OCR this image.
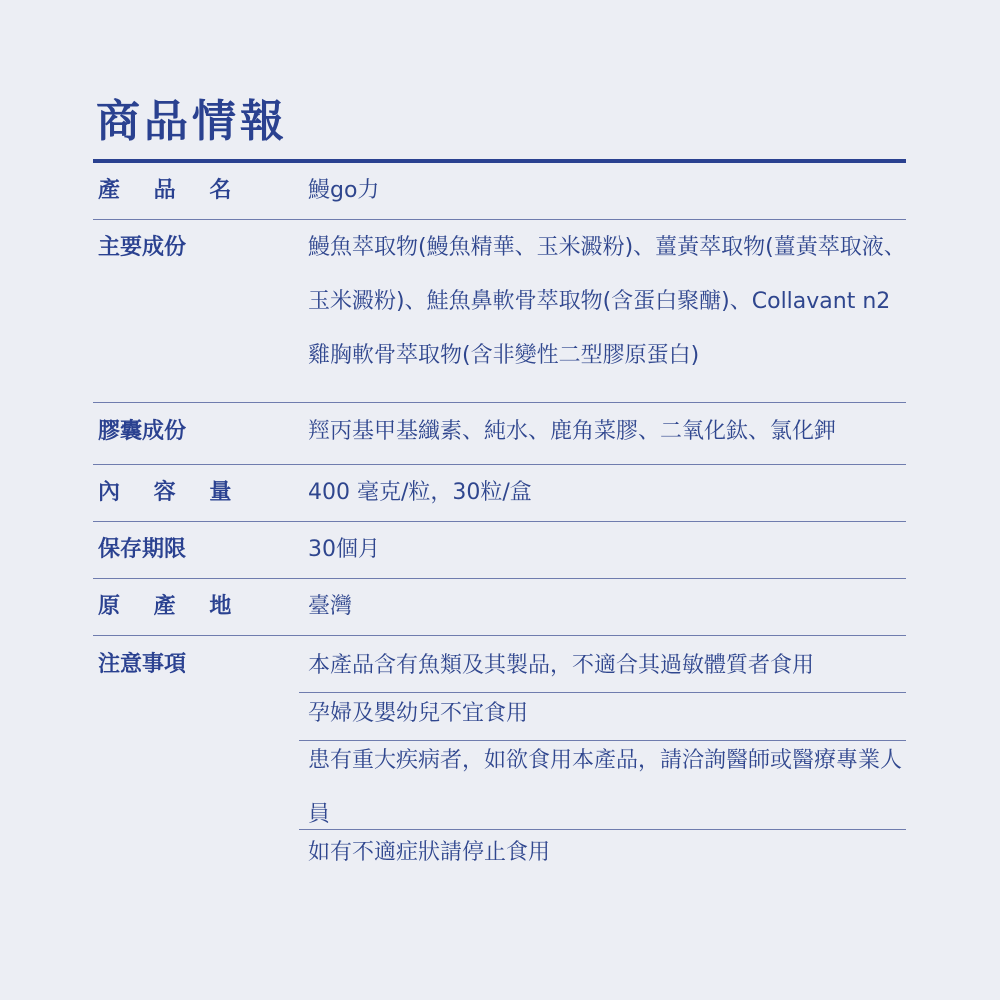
商品情報
產 品 名	鰻go力
主要成份	鰻魚萃取物(鰻魚精華、玉米澱粉)、薑黃萃取物(薑黃萃取液、玉米澱粉)、鮭魚鼻軟骨萃取物(含蛋白聚醣)、Collavant n2雞胸軟骨萃取物(含非變性二型膠原蛋白)
膠囊成份	羥丙基甲基纖素、純水、鹿角菜膠、二氧化鈦、氯化鉀
內 容 量	400 毫克/粒，30粒/盒
保存期限	30個月
原 產 地	臺灣
注意事項	本產品含有魚類及其製品，不適合其過敏體質者食用
孕婦及嬰幼兒不宜食用
患有重大疾病者，如欲食用本產品，請洽詢醫師或醫療專業人員
如有不適症狀請停止食用
